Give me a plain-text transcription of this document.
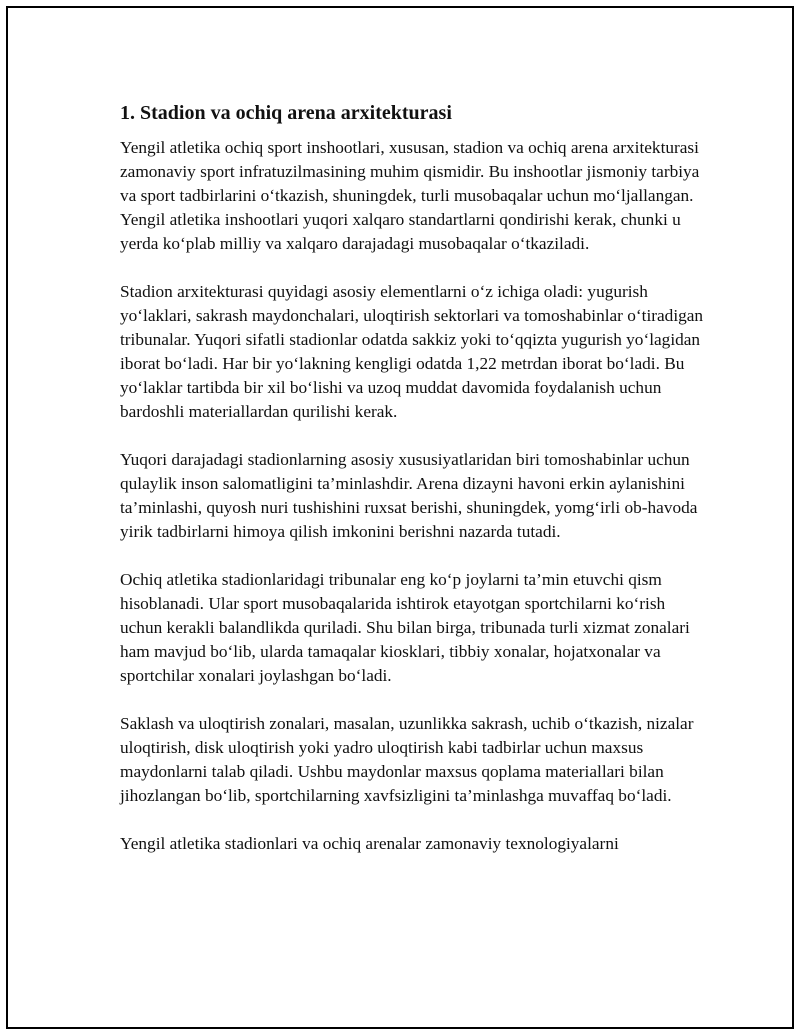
1. Stadion va ochiq arena arxitekturasi

Yengil atletika ochiq sport inshootlari, xususan, stadion va ochiq arena arxitekturasi zamonaviy sport infratuzilmasining muhim qismidir. Bu inshootlar jismoniy tarbiya va sport tadbirlarini o‘tkazish, shuningdek, turli musobaqalar uchun mo‘ljallangan. Yengil atletika inshootlari yuqori xalqaro standartlarni qondirishi kerak, chunki u yerda ko‘plab milliy va xalqaro darajadagi musobaqalar o‘tkaziladi.

Stadion arxitekturasi quyidagi asosiy elementlarni o‘z ichiga oladi: yugurish yo‘laklari, sakrash maydonchalari, uloqtirish sektorlari va tomoshabinlar o‘tiradigan tribunalar. Yuqori sifatli stadionlar odatda sakkiz yoki to‘qqizta yugurish yo‘lagidan iborat bo‘ladi. Har bir yo‘lakning kengligi odatda 1,22 metrdan iborat bo‘ladi. Bu yo‘laklar tartibda bir xil bo‘lishi va uzoq muddat davomida foydalanish uchun bardoshli materiallardan qurilishi kerak.

Yuqori darajadagi stadionlarning asosiy xususiyatlaridan biri tomoshabinlar uchun qulaylik inson salomatligini ta’minlashdir. Arena dizayni havoni erkin aylanishini ta’minlashi, quyosh nuri tushishini ruxsat berishi, shuningdek, yomg‘irli ob-havoda yirik tadbirlarni himoya qilish imkonini berishni nazarda tutadi.

Ochiq atletika stadionlaridagi tribunalar eng ko‘p joylarni ta’min etuvchi qism hisoblanadi. Ular sport musobaqalarida ishtirok etayotgan sportchilarni ko‘rish uchun kerakli balandlikda quriladi. Shu bilan birga, tribunada turli xizmat zonalari ham mavjud bo‘lib, ularda tamaqalar kiosklari, tibbiy xonalar, hojatxonalar va sportchilar xonalari joylashgan bo‘ladi.

Saklash va uloqtirish zonalari, masalan, uzunlikka sakrash, uchib o‘tkazish, nizalar uloqtirish, disk uloqtirish yoki yadro uloqtirish kabi tadbirlar uchun maxsus maydonlarni talab qiladi. Ushbu maydonlar maxsus qoplama materiallari bilan jihozlangan bo‘lib, sportchilarning xavfsizligini ta’minlashga muvaffaq bo‘ladi.

Yengil atletika stadionlari va ochiq arenalar zamonaviy texnologiyalarni
